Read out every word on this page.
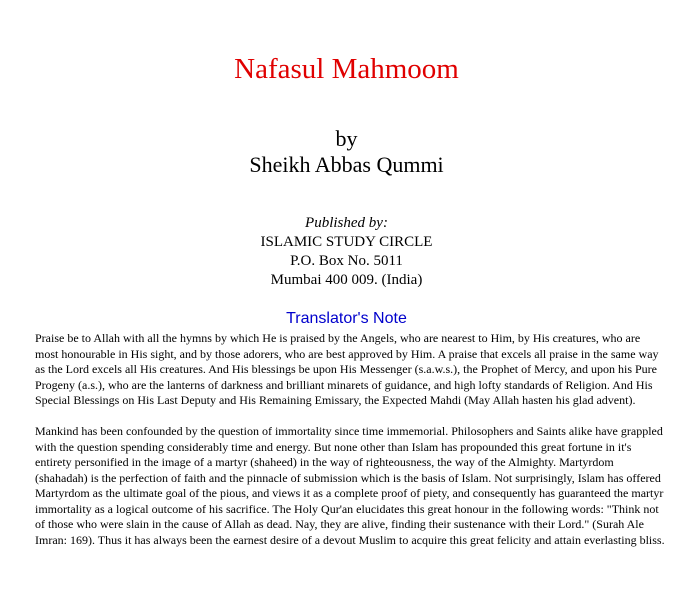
Nafasul Mahmoom
by
Sheikh Abbas Qummi
Published by:
ISLAMIC STUDY CIRCLE
P.O. Box No. 5011
Mumbai 400 009. (India)
Translator's Note

Praise be to Allah with all the hymns by which He is praised by the Angels, who are nearest to Him, by His creatures, who are most honourable in His sight, and by those adorers, who are best approved by Him. A praise that excels all praise in the same way as the Lord excels all His creatures. And His blessings be upon His Messenger (s.a.w.s.), the Prophet of Mercy, and upon his Pure Progeny (a.s.), who are the lanterns of darkness and brilliant minarets of guidance, and high lofty standards of Religion. And His Special Blessings on His Last Deputy and His Remaining Emissary, the Expected Mahdi (May Allah hasten his glad advent).

Mankind has been confounded by the question of immortality since time immemorial. Philosophers and Saints alike have grappled with the question spending considerably time and energy. But none other than Islam has propounded this great fortune in it's entirety personified in the image of a martyr (shaheed) in the way of righteousness, the way of the Almighty. Martyrdom (shahadah) is the perfection of faith and the pinnacle of submission which is the basis of Islam. Not surprisingly, Islam has offered Martyrdom as the ultimate goal of the pious, and views it as a complete proof of piety, and consequently has guaranteed the martyr immortality as a logical outcome of his sacrifice. The Holy Qur'an elucidates this great honour in the following words: "Think not of those who were slain in the cause of Allah as dead. Nay, they are alive, finding their sustenance with their Lord." (Surah Ale Imran: 169). Thus it has always been the earnest desire of a devout Muslim to acquire this great felicity and attain everlasting bliss.
